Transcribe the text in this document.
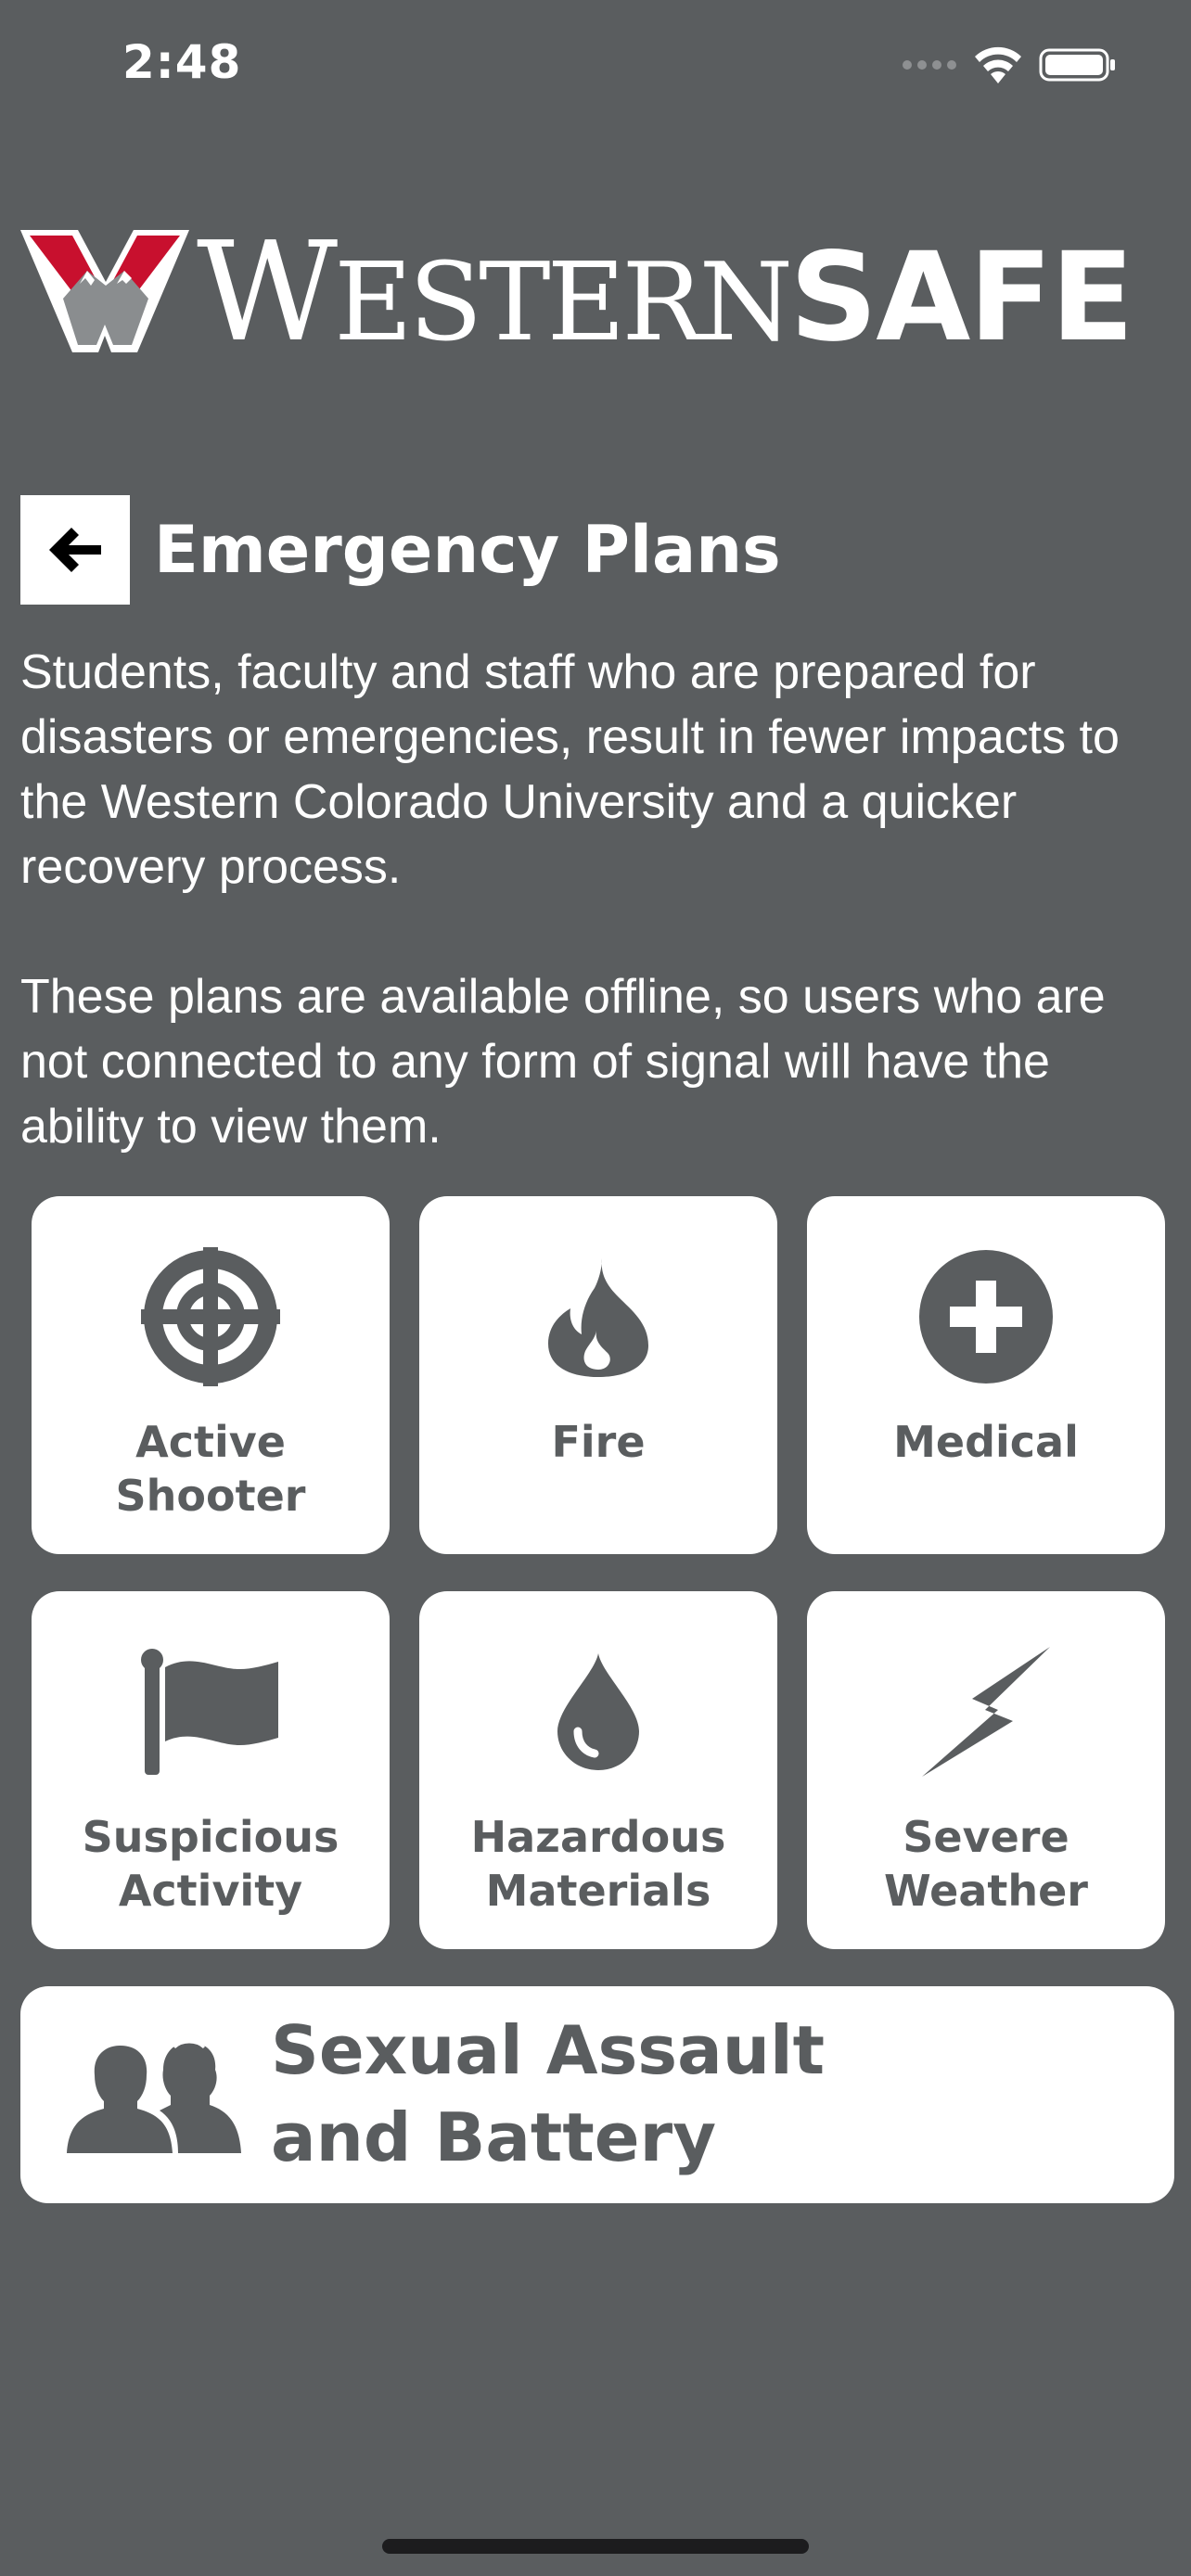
2:48
WESTERNSAFE
Emergency Plans

Students, faculty and staff who are prepared for disasters or emergencies, result in fewer impacts to the Western Colorado University and a quicker recovery process.

These plans are available offline, so users who are not connected to any form of signal will have the ability to view them.

Active Shooter
Fire	Medical
Suspicious Activity
Hazardous Materials
Severe Weather
Sexual Assault and Battery
